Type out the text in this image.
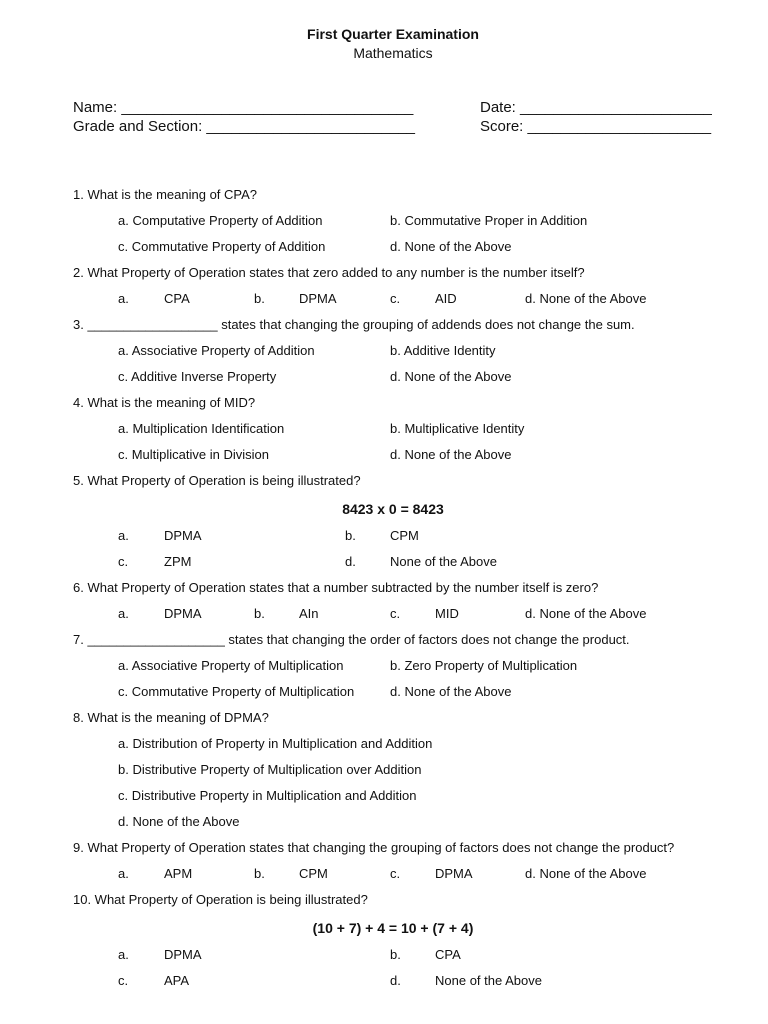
First Quarter Examination
Mathematics
Name: ___________________________________	Date: _______________________
Grade and Section: _________________________	Score: ______________________
1. What is the meaning of CPA?
a. Computative Property of Addition	b. Commutative Proper in Addition
c. Commutative Property of Addition	d. None of the Above
2. What Property of Operation states that zero added to any number is the number itself?
a.	CPA	b.	DPMA	c.	AID	d. None of the Above
3. __________________ states that changing the grouping of addends does not change the sum.
a. Associative Property of Addition	b. Additive Identity
c. Additive Inverse Property	d. None of the Above
4. What is the meaning of MID?
a. Multiplication Identification	b. Multiplicative Identity
c. Multiplicative in Division	d. None of the Above
5. What Property of Operation is being illustrated?
8423 x 0 = 8423
a.	DPMA	b.	CPM
c.	ZPM	d.	None of the Above
6. What Property of Operation states that a number subtracted by the number itself is zero?
a.	DPMA	b.	AIn	c.	MID	d. None of the Above
7. ___________________ states that changing the order of factors does not change the product.
a. Associative Property of Multiplication	b. Zero Property of Multiplication
c. Commutative Property of Multiplication	d. None of the Above
8. What is the meaning of DPMA?
a. Distribution of Property in Multiplication and Addition
b. Distributive Property of Multiplication over Addition
c. Distributive Property in Multiplication and Addition
d. None of the Above
9. What Property of Operation states that changing the grouping of factors does not change the product?
a.	APM	b.	CPM	c.	DPMA	d. None of the Above
10. What Property of Operation is being illustrated?
(10 + 7) + 4 = 10 + (7 + 4)
a.	DPMA	b.	CPA
c.	APA	d.	None of the Above
